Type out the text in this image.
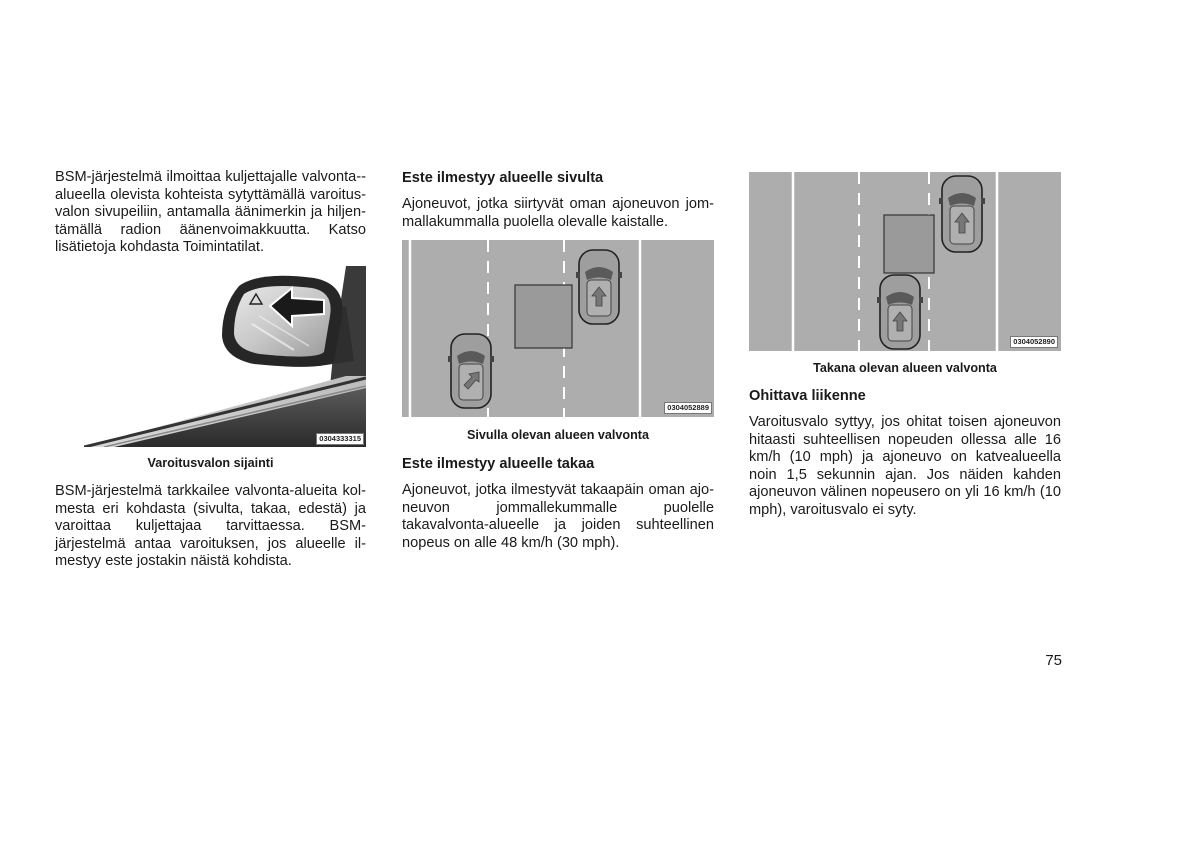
BSM-järjestelmä ilmoittaa kuljettajalle valvonta-alueella olevista kohteista sytyttämällä varoitusvalon sivupeiliin, antamalla äänimerkin ja hiljentämällä radion äänenvoimakkuutta. Katso lisätietoja kohdasta Toimintatilat.

0304333315
Varoitusvalon sijainti

BSM-järjestelmä tarkkailee valvonta-alueita kolmesta eri kohdasta (sivulta, takaa, edestä) ja varoittaa kuljettajaa tarvittaessa. BSM-järjestelmä antaa varoituksen, jos alueelle ilmestyy este jostakin näistä kohdista.

Este ilmestyy alueelle sivulta

Ajoneuvot, jotka siirtyvät oman ajoneuvon jommallakummalla puolella olevalle kaistalle.

0304052889
Sivulla olevan alueen valvonta
Este ilmestyy alueelle takaa

Ajoneuvot, jotka ilmestyvät takaapäin oman ajoneuvon jommallekummalle puolelle takavalvonta-alueelle ja joiden suhteellinen nopeus on alle 48 km/h (30 mph).

0304052890
Takana olevan alueen valvonta
Ohittava liikenne

Varoitusvalo syttyy, jos ohitat toisen ajoneuvon hitaasti suhteellisen nopeuden ollessa alle 16 km/h (10 mph) ja ajoneuvo on katvealueella noin 1,5 sekunnin ajan. Jos näiden kahden ajoneuvon välinen nopeusero on yli 16 km/h (10 mph), varoitusvalo ei syty.

75
